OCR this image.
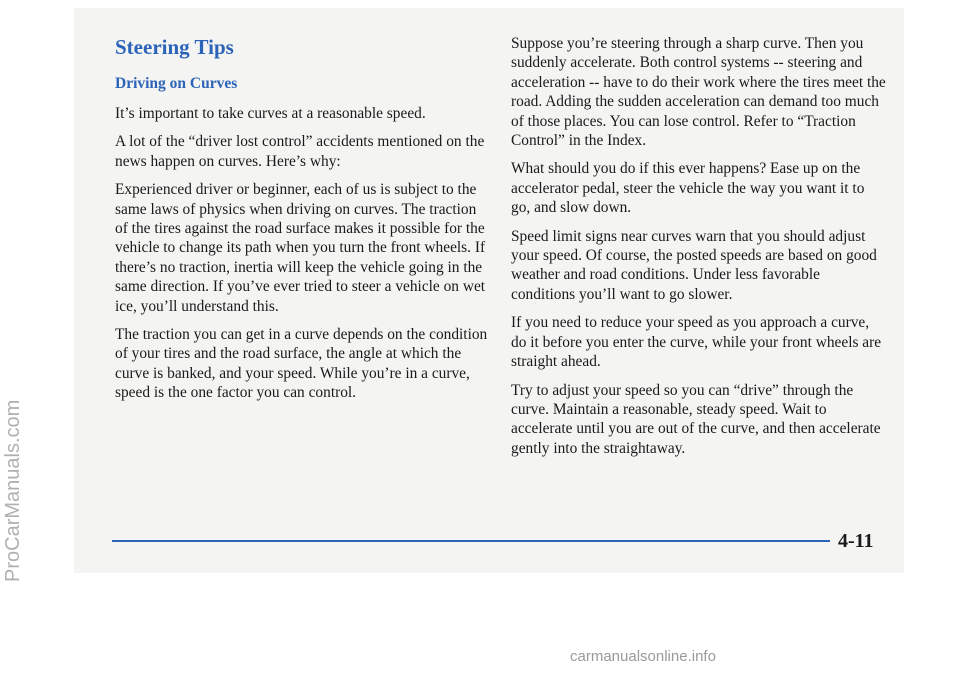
Steering Tips
Driving on Curves

It’s important to take curves at a reasonable speed.

A lot of the “driver lost control” accidents mentioned on the news happen on curves. Here’s why:

Experienced driver or beginner, each of us is subject to the same laws of physics when driving on curves. The traction of the tires against the road surface makes it possible for the vehicle to change its path when you turn the front wheels. If there’s no traction, inertia will keep the vehicle going in the same direction. If you’ve ever tried to steer a vehicle on wet ice, you’ll understand this.

The traction you can get in a curve depends on the condition of your tires and the road surface, the angle at which the curve is banked, and your speed. While you’re in a curve, speed is the one factor you can control.

Suppose you’re steering through a sharp curve. Then you suddenly accelerate. Both control systems -- steering and acceleration -- have to do their work where the tires meet the road. Adding the sudden acceleration can demand too much of those places. You can lose control. Refer to “Traction Control” in the Index.

What should you do if this ever happens? Ease up on the accelerator pedal, steer the vehicle the way you want it to go, and slow down.

Speed limit signs near curves warn that you should adjust your speed. Of course, the posted speeds are based on good weather and road conditions. Under less favorable conditions you’ll want to go slower.

If you need to reduce your speed as you approach a curve, do it before you enter the curve, while your front wheels are straight ahead.

Try to adjust your speed so you can “drive” through the curve. Maintain a reasonable, steady speed. Wait to accelerate until you are out of the curve, and then accelerate gently into the straightaway.

4-11
ProCarManuals.com
carmanualsonline.info
